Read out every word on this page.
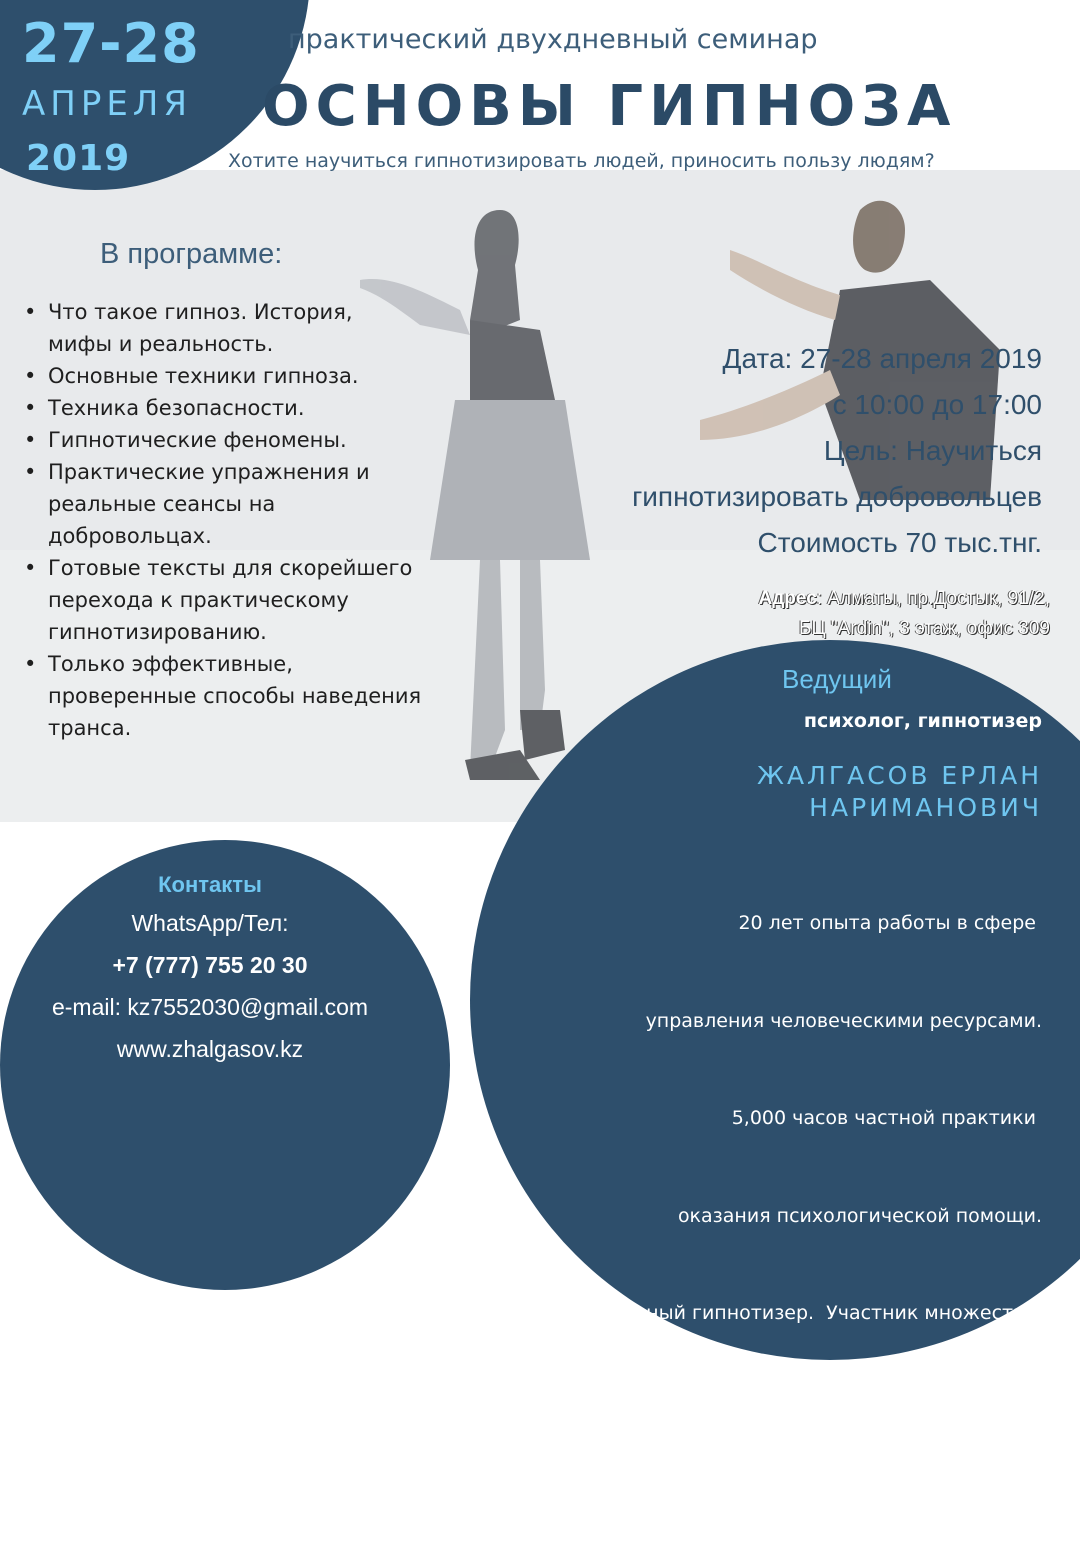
27-28
АПРЕЛЯ
2019
практический двухдневный семинар
ОСНОВЫ ГИПНОЗА
Хотите научиться гипнотизировать людей, приносить пользу людям?
В программе:
• Что такое гипноз. История, мифы и реальность.
• Основные техники гипноза.
• Техника безопасности.
• Гипнотические феномены.
• Практические упражнения и реальные сеансы на добровольцах.
• Готовые тексты для скорейшего перехода к практическому гипнотизированию.
• Только эффективные, проверенные способы наведения транса.
Дата: 27-28 апреля 2019
с 10:00 до 17:00
Цель: Научиться
гипнотизировать добровольцев
Стоимость 70 тыс.тнг.
Адрес: Алматы, пр.Достык, 91/2,
БЦ "Ardin", 3 этаж, офис 309
Ведущий
психолог, гипнотизер
ЖАЛГАСОВ ЕРЛАН
НАРИМАНОВИЧ

20 лет опыта работы в сфере

управления человеческими ресурсами.

5,000 часов частной практики

оказания психологической помощи.

Эстрадный гипнотизер.  Участник множества

телепроектов. Организатор и ведущий

гипноклуба в г.Алматы.

Контакты
WhatsApp/Тел:
+7 (777) 755 20 30
e-mail: kz7552030@gmail.com
www.zhalgasov.kz
